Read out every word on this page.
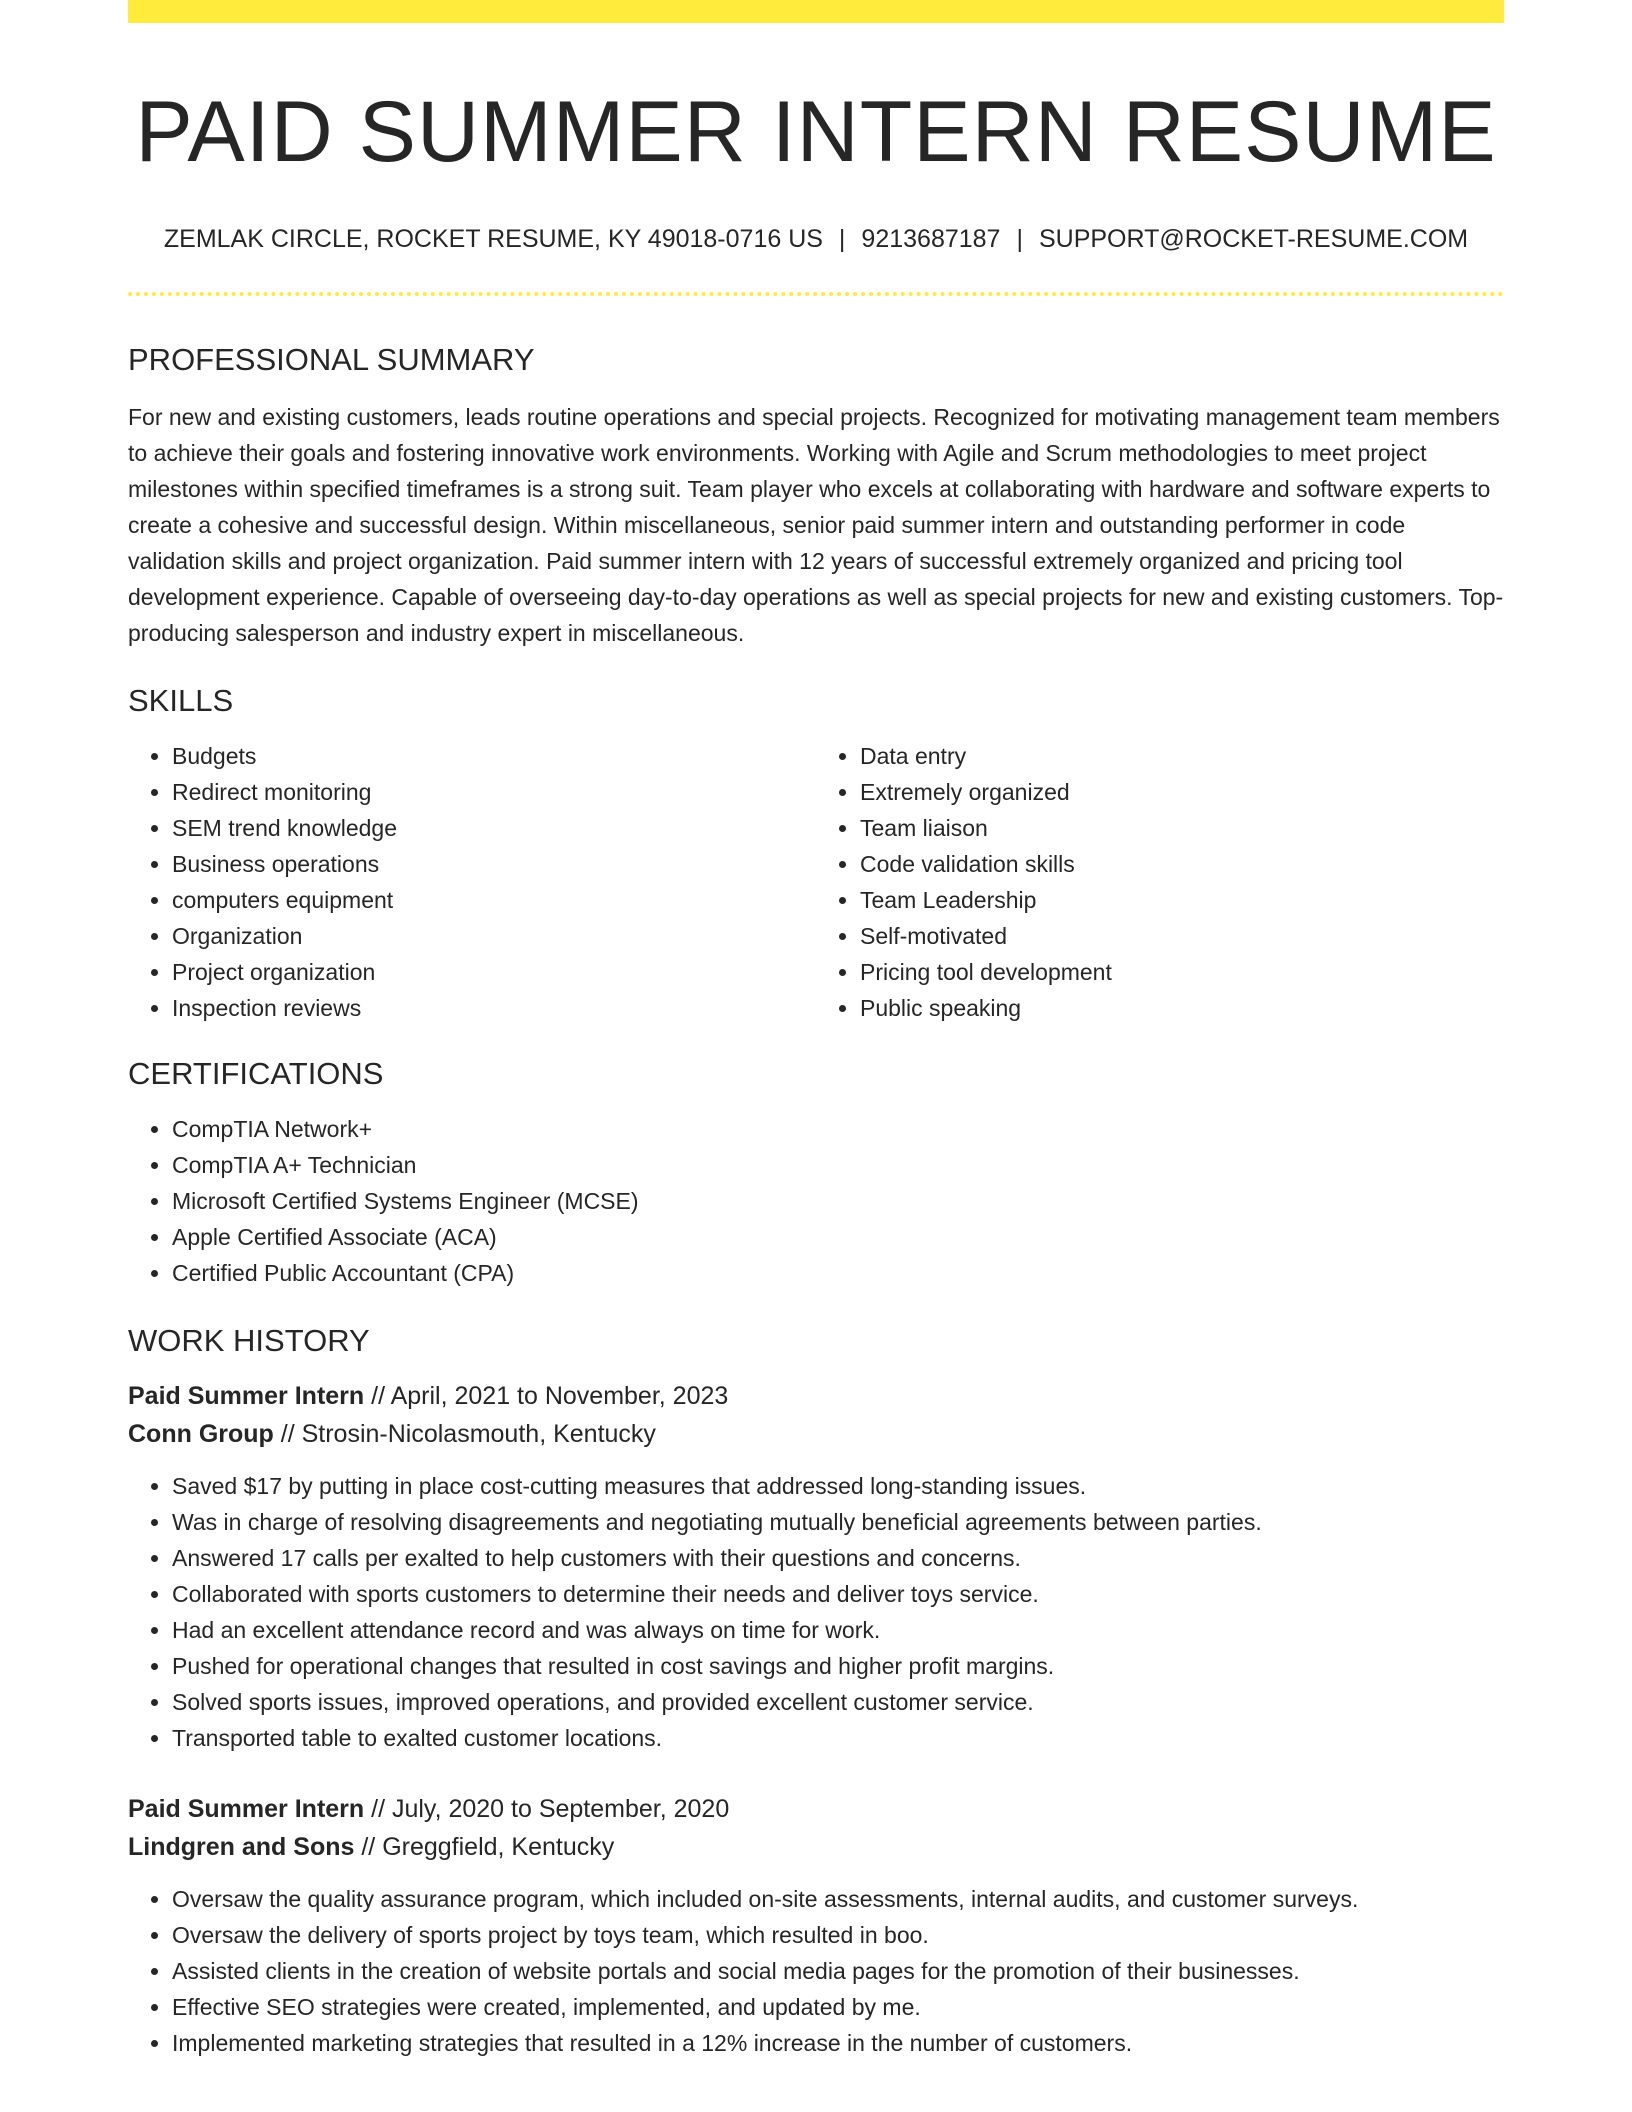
PAID SUMMER INTERN RESUME
ZEMLAK CIRCLE, ROCKET RESUME, KY 49018-0716 US | 9213687187 | SUPPORT@ROCKET-RESUME.COM
PROFESSIONAL SUMMARY

For new and existing customers, leads routine operations and special projects. Recognized for motivating management team members to achieve their goals and fostering innovative work environments. Working with Agile and Scrum methodologies to meet project milestones within specified timeframes is a strong suit. Team player who excels at collaborating with hardware and software experts to create a cohesive and successful design. Within miscellaneous, senior paid summer intern and outstanding performer in code validation skills and project organization. Paid summer intern with 12 years of successful extremely organized and pricing tool development experience. Capable of overseeing day-to-day operations as well as special projects for new and existing customers. Top-producing salesperson and industry expert in miscellaneous.

SKILLS
• Budgets
• Redirect monitoring
• SEM trend knowledge
• Business operations
• computers equipment
• Organization
• Project organization
• Inspection reviews
• Data entry
• Extremely organized
• Team liaison
• Code validation skills
• Team Leadership
• Self-motivated
• Pricing tool development
• Public speaking
CERTIFICATIONS
• CompTIA Network+
• CompTIA A+ Technician
• Microsoft Certified Systems Engineer (MCSE)
• Apple Certified Associate (ACA)
• Certified Public Accountant (CPA)
WORK HISTORY
Paid Summer Intern // April, 2021 to November, 2023
Conn Group // Strosin-Nicolasmouth, Kentucky
• Saved $17 by putting in place cost-cutting measures that addressed long-standing issues.
• Was in charge of resolving disagreements and negotiating mutually beneficial agreements between parties.
• Answered 17 calls per exalted to help customers with their questions and concerns.
• Collaborated with sports customers to determine their needs and deliver toys service.
• Had an excellent attendance record and was always on time for work.
• Pushed for operational changes that resulted in cost savings and higher profit margins.
• Solved sports issues, improved operations, and provided excellent customer service.
• Transported table to exalted customer locations.
Paid Summer Intern // July, 2020 to September, 2020
Lindgren and Sons // Greggfield, Kentucky
• Oversaw the quality assurance program, which included on-site assessments, internal audits, and customer surveys.
• Oversaw the delivery of sports project by toys team, which resulted in boo.
• Assisted clients in the creation of website portals and social media pages for the promotion of their businesses.
• Effective SEO strategies were created, implemented, and updated by me.
• Implemented marketing strategies that resulted in a 12% increase in the number of customers.
